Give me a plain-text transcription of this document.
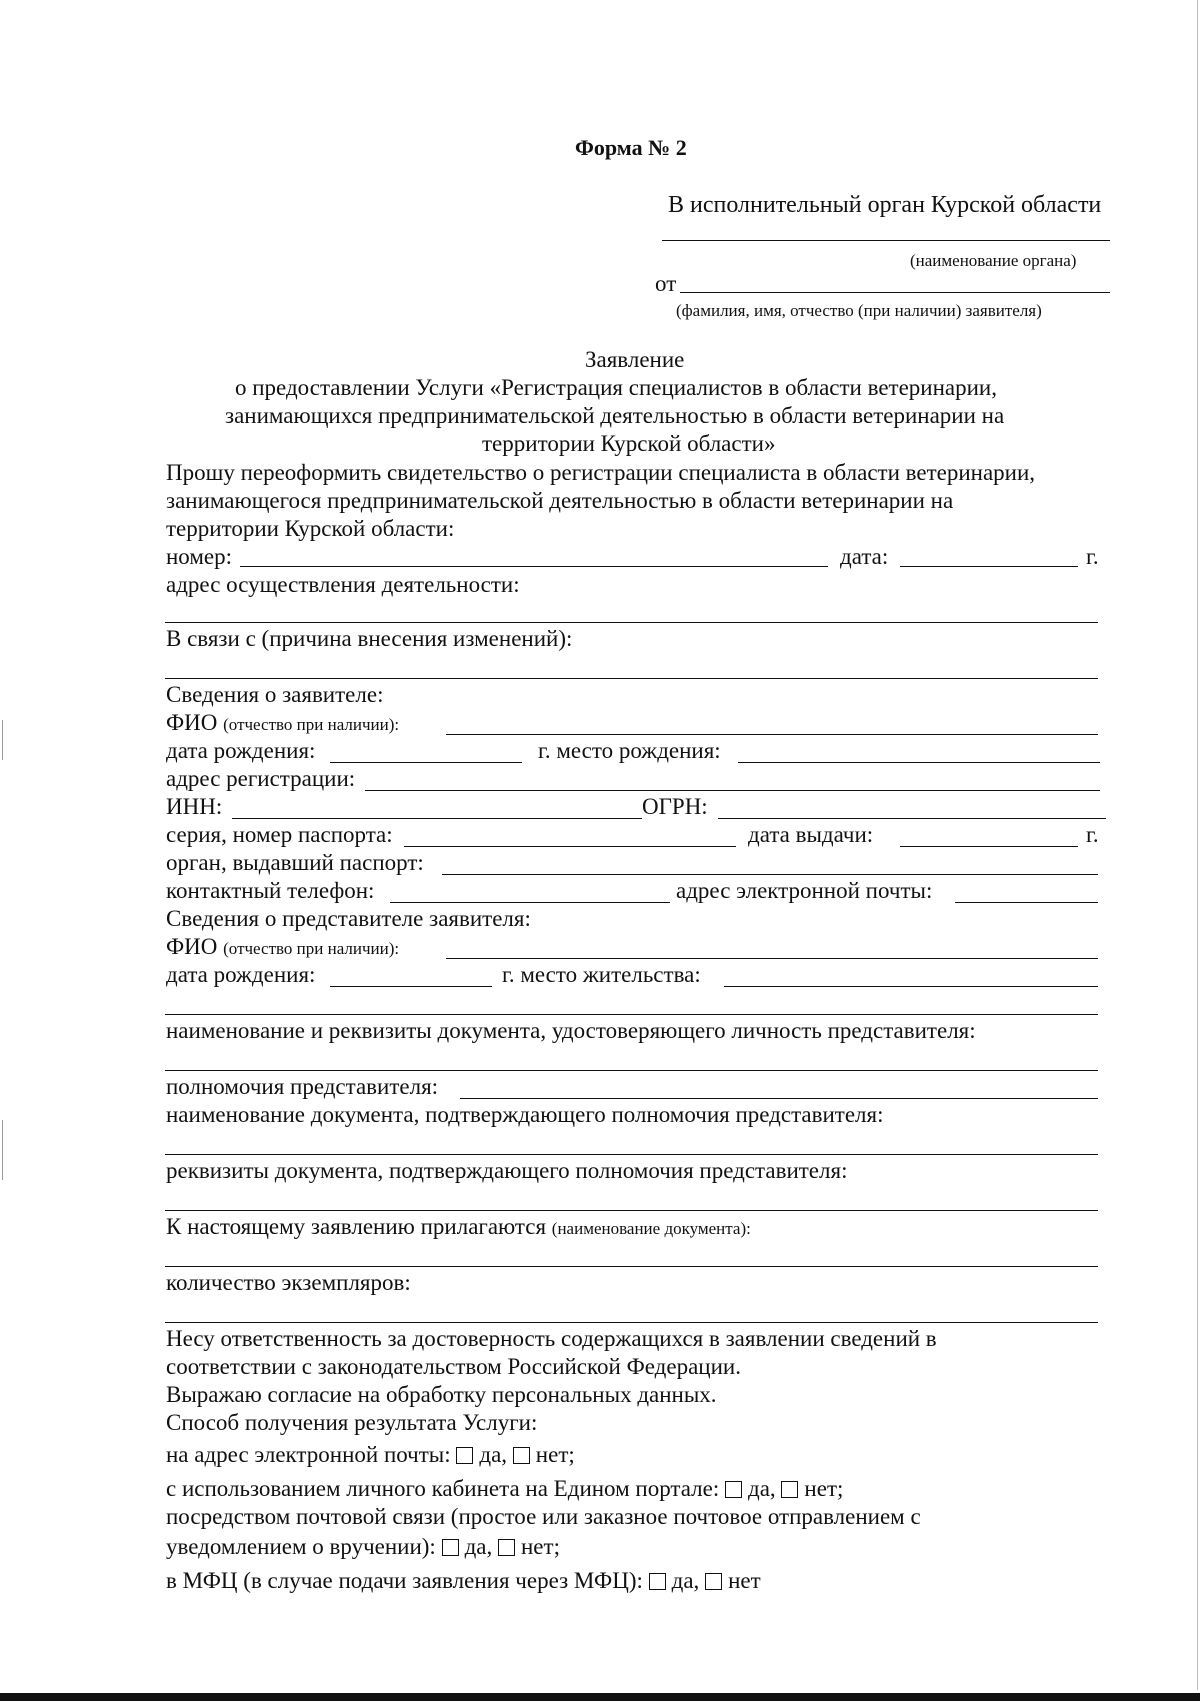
Форма № 2
В исполнительный орган Курской области
(наименование органа)
от
(фамилия, имя, отчество (при наличии) заявителя)
Заявление
о предоставлении Услуги «Регистрация специалистов в области ветеринарии,
занимающихся предпринимательской деятельностью в области ветеринарии на
территории Курской области»
Прошу переоформить свидетельство о регистрации специалиста в области ветеринарии,
занимающегося предпринимательской деятельностью в области ветеринарии на
территории Курской области:
номер:	дата:	г.
адрес осуществления деятельности:
В связи с (причина внесения изменений):
Сведения о заявителе:
ФИО (отчество при наличии):
дата рождения:	г. место рождения:
адрес регистрации:
ИНН:	ОГРН:
серия, номер паспорта:	дата выдачи:	г.
орган, выдавший паспорт:
контактный телефон:	адрес электронной почты:
Сведения о представителе заявителя:
ФИО (отчество при наличии):
дата рождения:	г. место жительства:
наименование и реквизиты документа, удостоверяющего личность представителя:
полномочия представителя:
наименование документа, подтверждающего полномочия представителя:
реквизиты документа, подтверждающего полномочия представителя:
К настоящему заявлению прилагаются (наименование документа):
количество экземпляров:
Несу ответственность за достоверность содержащихся в заявлении сведений в
соответствии с законодательством Российской Федерации.
Выражаю согласие на обработку персональных данных.
Способ получения результата Услуги:
на адрес электронной почты: да, нет;
с использованием личного кабинета на Едином портале: да, нет;
посредством почтовой связи (простое или заказное почтовое отправлением с
уведомлением о вручении): да, нет;
в МФЦ (в случае подачи заявления через МФЦ): да, нет
